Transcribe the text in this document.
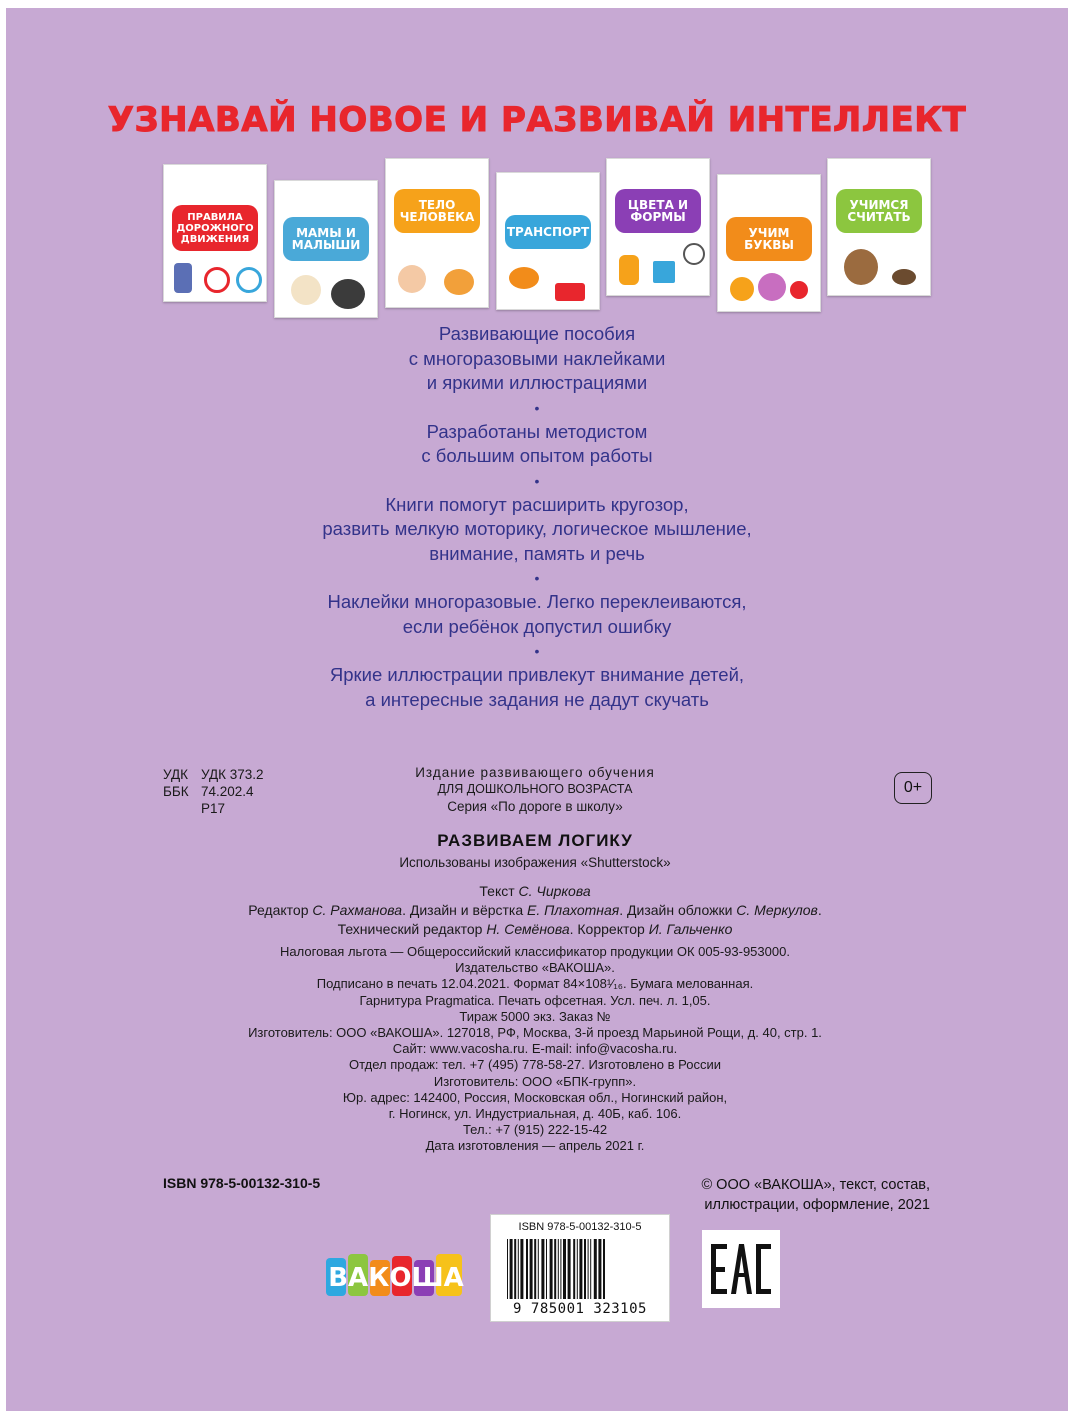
УЗНАВАЙ НОВОЕ И РАЗВИВАЙ ИНТЕЛЛЕКТ
ПРАВИЛА ДОРОЖНОГО ДВИЖЕНИЯ	МАМЫ И МАЛЫШИ
ТЕЛО ЧЕЛОВЕКА
ТРАНСПОРТ
ЦВЕТА И ФОРМЫ
УЧИМ БУКВЫ
УЧИМСЯ СЧИТАТЬ
Развивающие пособия
с многоразовыми наклейками
и яркими иллюстрациями
•
Разработаны методистом
с большим опытом работы
•
Книги помогут расширить кругозор,
развить мелкую моторику, логическое мышление,
внимание, память и речь
•
Наклейки многоразовые. Легко переклеиваются,
если ребёнок допустил ошибку
•
Яркие иллюстрации привлекут внимание детей,
а интересные задания не дадут скучать
УДК УДК 373.2
ББК 74.202.4
Р17
Издание развивающего обучения
ДЛЯ ДОШКОЛЬНОГО ВОЗРАСТА
Серия «По дороге в школу»
0+
РАЗВИВАЕМ ЛОГИКУ
Использованы изображения «Shutterstock»
Текст С. Чиркова
Редактор С. Рахманова. Дизайн и вёрстка Е. Плахотная. Дизайн обложки С. Меркулов.
Технический редактор Н. Семёнова. Корректор И. Гальченко
Налоговая льгота — Общероссийский классификатор продукции ОК 005-93-953000.
Издательство «ВАКОША».
Подписано в печать 12.04.2021. Формат 84×108¹⁄₁₆. Бумага мелованная.
Гарнитура Pragmatica. Печать офсетная. Усл. печ. л. 1,05.
Тираж 5000 экз. Заказ №
Изготовитель: ООО «ВАКОША». 127018, РФ, Москва, 3-й проезд Марьиной Рощи, д. 40, стр. 1.
Сайт: www.vacosha.ru. E-mail: info@vacosha.ru.
Отдел продаж: тел. +7 (495) 778-58-27. Изготовлено в России
Изготовитель: ООО «БПК-групп».
Юр. адрес: 142400, Россия, Московская обл., Ногинский район,
г. Ногинск, ул. Индустриальная, д. 40Б, каб. 106.
Тел.: +7 (915) 222-15-42
Дата изготовления — апрель 2021 г.
ISBN 978-5-00132-310-5	© ООО «ВАКОША», текст, состав,
иллюстрации, оформление, 2021
ВАКОША
ISBN 978-5-00132-310-5
9 785001 323105
